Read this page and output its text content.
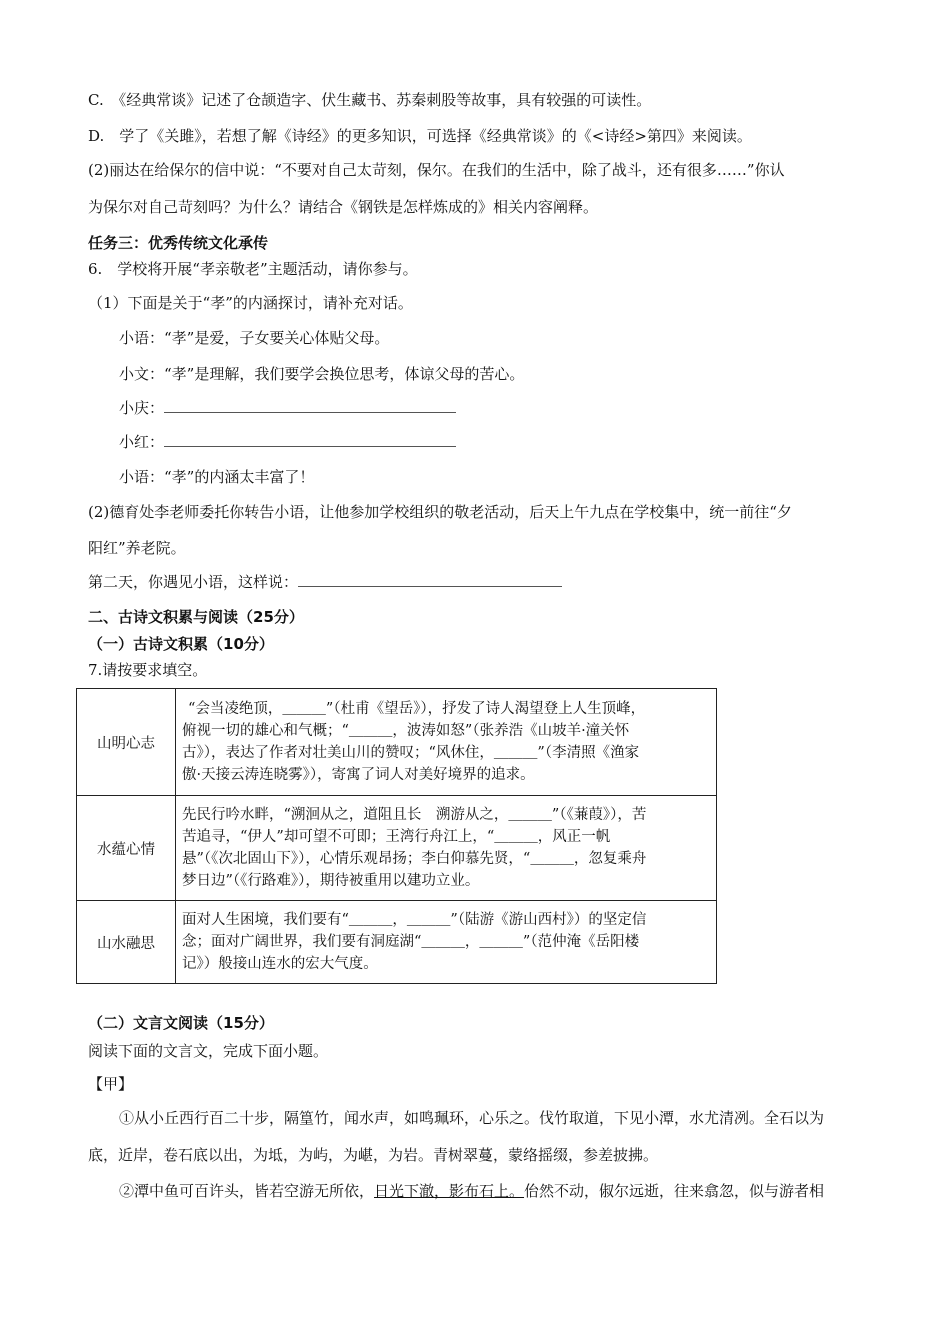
C.　《经典常谈》记述了仓颉造字、伏生藏书、苏秦刺股等故事，具有较强的可读性。
D.　学了《关雎》，若想了解《诗经》的更多知识，可选择《经典常谈》的《<诗经>第四》来阅读。
(2)丽达在给保尔的信中说：“不要对自己太苛刻，保尔。在我们的生活中，除了战斗，还有很多……”你认
为保尔对自己苛刻吗？为什么？请结合《钢铁是怎样炼成的》相关内容阐释。
任务三：优秀传统文化承传
6.　学校将开展“孝亲敬老”主题活动，请你参与。
（1）下面是关于“孝”的内涵探讨，请补充对话。
小语：“孝”是爱，子女要关心体贴父母。
小文：“孝”是理解，我们要学会换位思考，体谅父母的苦心。
小庆：
小红：
小语：“孝”的内涵太丰富了！
(2)德育处李老师委托你转告小语，让他参加学校组织的敬老活动，后天上午九点在学校集中，统一前往“夕
阳红”养老院。
第二天，你遇见小语，这样说：
二、古诗文积累与阅读（25分）
（一）古诗文积累（10分）
7.请按要求填空。
山明心志	“会当凌绝顶，＿＿＿”（杜甫《望岳》），抒发了诗人渴望登上人生顶峰，
俯视一切的雄心和气概；“＿＿＿，波涛如怒”（张养浩《山坡羊·潼关怀
古》），表达了作者对壮美山川的赞叹；“风休住，＿＿＿”（李清照《渔家
傲·天接云涛连晓雾》），寄寓了词人对美好境界的追求。

水蕴心情	先民行吟水畔，“溯洄从之，道阻且长　溯游从之，＿＿＿”（《蒹葭》），苦
苦追寻，“伊人”却可望不可即；王湾行舟江上，“＿＿＿，风正一帆
悬”（《次北固山下》），心情乐观昂扬；李白仰慕先贤，“＿＿＿，忽复乘舟
梦日边”（《行路难》），期待被重用以建功立业。

山水融思	面对人生困境，我们要有“＿＿＿，＿＿＿”（陆游《游山西村》）的坚定信
念；面对广阔世界，我们要有洞庭湖“＿＿＿，＿＿＿”（范仲淹《岳阳楼
记》）般接山连水的宏大气度。
（二）文言文阅读（15分）
阅读下面的文言文，完成下面小题。
【甲】
①从小丘西行百二十步，隔篁竹，闻水声，如鸣珮环，心乐之。伐竹取道，下见小潭，水尤清冽。全石以为
底，近岸，卷石底以出，为坻，为屿，为嵁，为岩。青树翠蔓，蒙络摇缀，参差披拂。
②潭中鱼可百许头，皆若空游无所依，日光下澈，影布石上。佁然不动，俶尔远逝，往来翕忽，似与游者相
